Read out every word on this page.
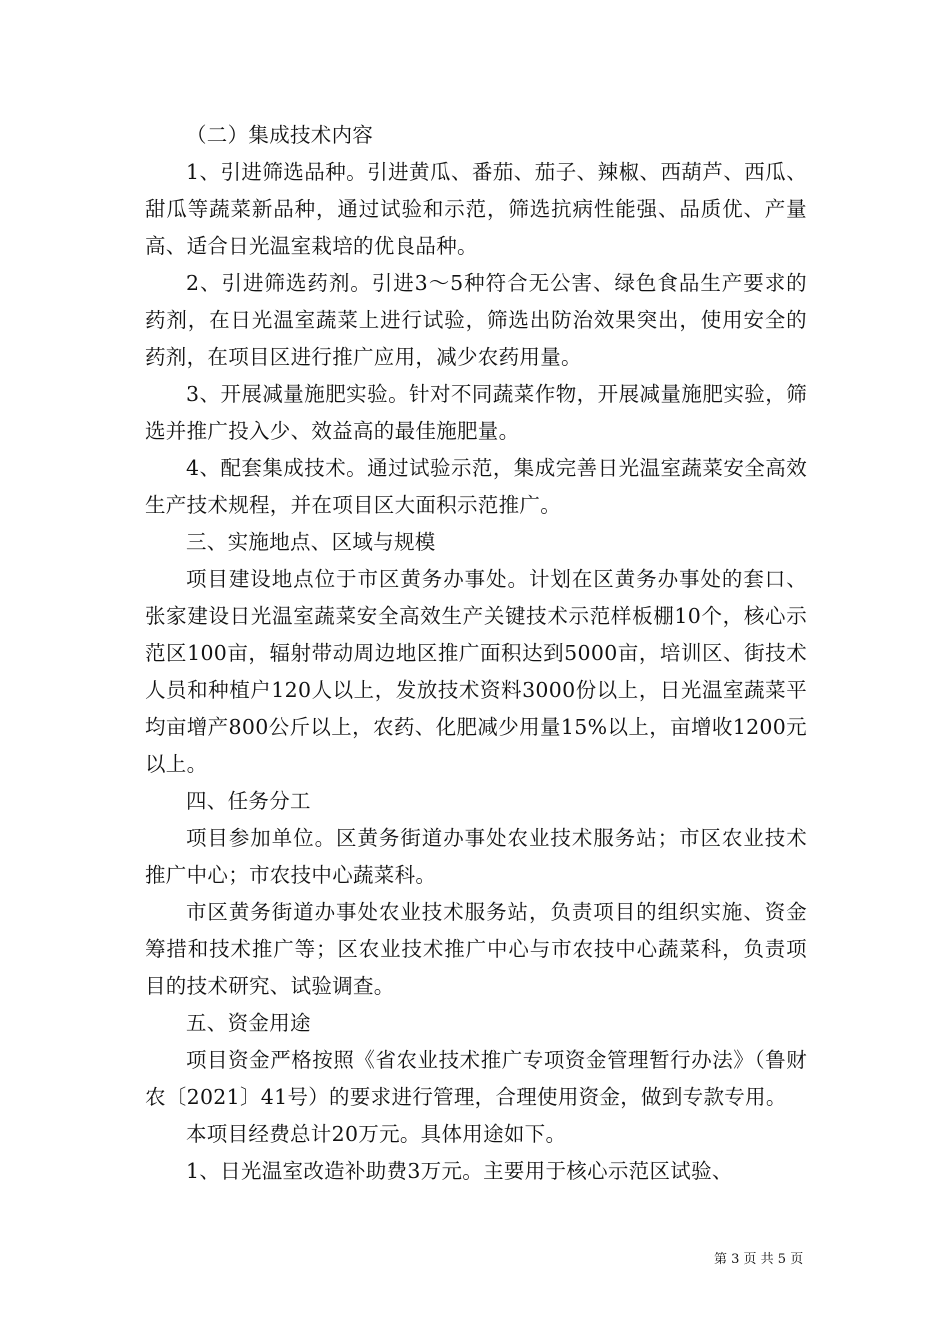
（二）集成技术内容

1、引进筛选品种。引进黄瓜、番茄、茄子、辣椒、西葫芦、西瓜、甜瓜等蔬菜新品种，通过试验和示范，筛选抗病性能强、品质优、产量高、适合日光温室栽培的优良品种。

2、引进筛选药剂。引进3～5种符合无公害、绿色食品生产要求的药剂，在日光温室蔬菜上进行试验，筛选出防治效果突出，使用安全的药剂，在项目区进行推广应用，减少农药用量。

3、开展减量施肥实验。针对不同蔬菜作物，开展减量施肥实验，筛选并推广投入少、效益高的最佳施肥量。

4、配套集成技术。通过试验示范，集成完善日光温室蔬菜安全高效生产技术规程，并在项目区大面积示范推广。

三、实施地点、区域与规模

项目建设地点位于市区黄务办事处。计划在区黄务办事处的套口、张家建设日光温室蔬菜安全高效生产关键技术示范样板棚10个，核心示范区100亩，辐射带动周边地区推广面积达到5000亩，培训区、街技术人员和种植户120人以上，发放技术资料3000份以上，日光温室蔬菜平均亩增产800公斤以上，农药、化肥减少用量15%以上，亩增收1200元以上。

四、任务分工

项目参加单位。区黄务街道办事处农业技术服务站；市区农业技术推广中心；市农技中心蔬菜科。

市区黄务街道办事处农业技术服务站，负责项目的组织实施、资金筹措和技术推广等；区农业技术推广中心与市农技中心蔬菜科，负责项目的技术研究、试验调查。

五、资金用途

项目资金严格按照《省农业技术推广专项资金管理暂行办法》（鲁财农〔2021〕41号）的要求进行管理，合理使用资金，做到专款专用。

本项目经费总计20万元。具体用途如下。

1、日光温室改造补助费3万元。主要用于核心示范区试验、

第 3 页 共 5 页
